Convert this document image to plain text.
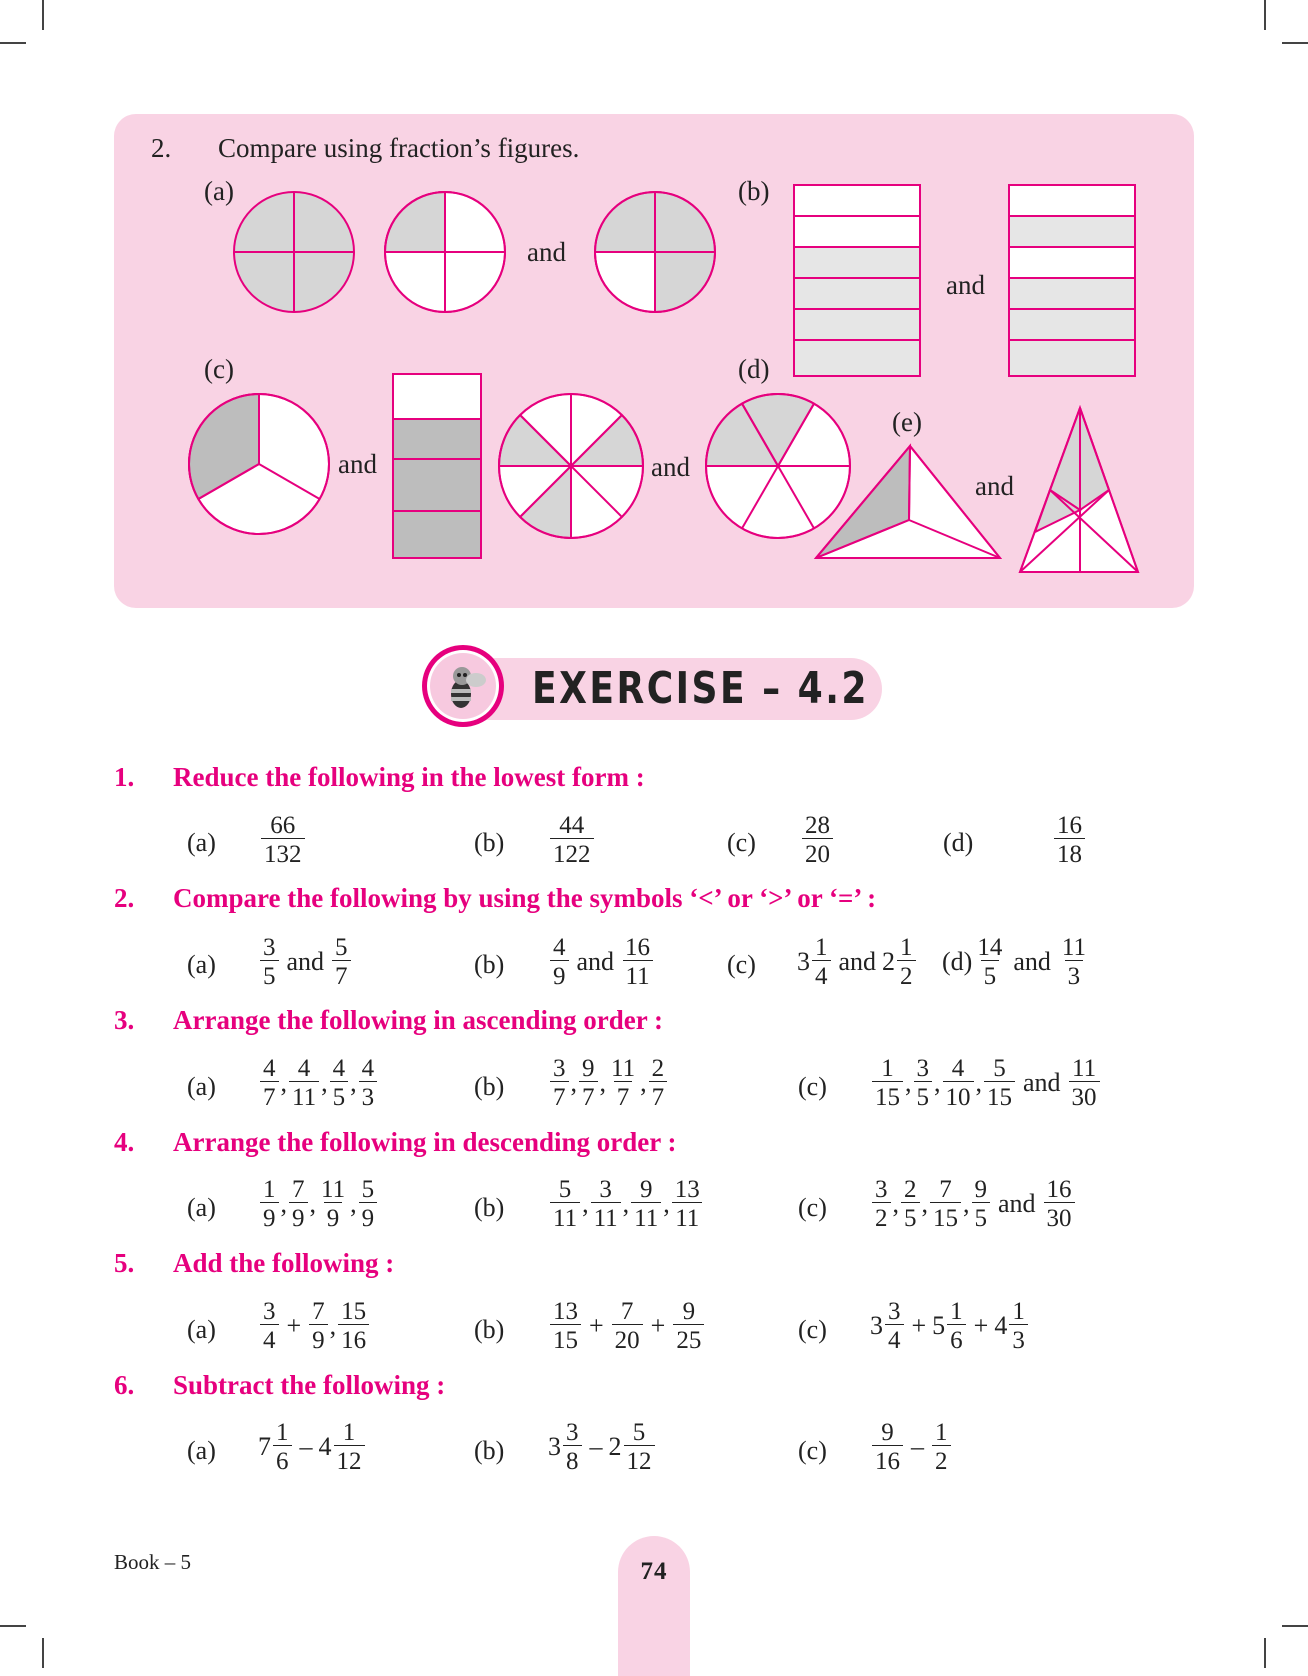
2. Compare using fraction’s figures.
(a)	(b)
(c)	(d)
(e)
and
and
and	and
and
EXERCISE – 4.2
1. Reduce the following in the lowest form :
(a)
66
132	(b)
44
122	(c)
28
20	(d)
16
18
2. Compare the following by using the symbols ‘<’ or ‘>’ or ‘=’ :
(a)
3
5
and 5
7	(b)
4
9
and 16
11	(c) 3 1
4
and 2 1
2
(d) 14
5
and 11
3
3. Arrange the following in ascending order :
(a)
4
7
, 4
11
, 4
5
, 4
3	(b)
3
7
, 9
7
, 11
7
, 2
7	(c)
1
15
, 3
5
, 4
10
, 5
15
and 11
30
4. Arrange the following in descending order :
(a)
1
9
, 7
9
, 11
9
, 5
9	(b)
5
11
, 3
11
, 9
11
, 13
11	(c)
3
2
, 2
5
, 7
15
, 9
5
and 16
30
5. Add the following :
(a)
3
4
+ $\frac{7}{9}$ , 15
16	(b)
13
15
+ $\frac{7}{20} + \frac{9}{25}$	(c) 3 3
4
+ 5 1
6
+ 4 1
3
6. Subtract the following :
(a) 7 1
6
– 4 1
12	(b) 3 3
8
– 2 5
12	(c)
9
16
– 1
2
Book – 5	74
